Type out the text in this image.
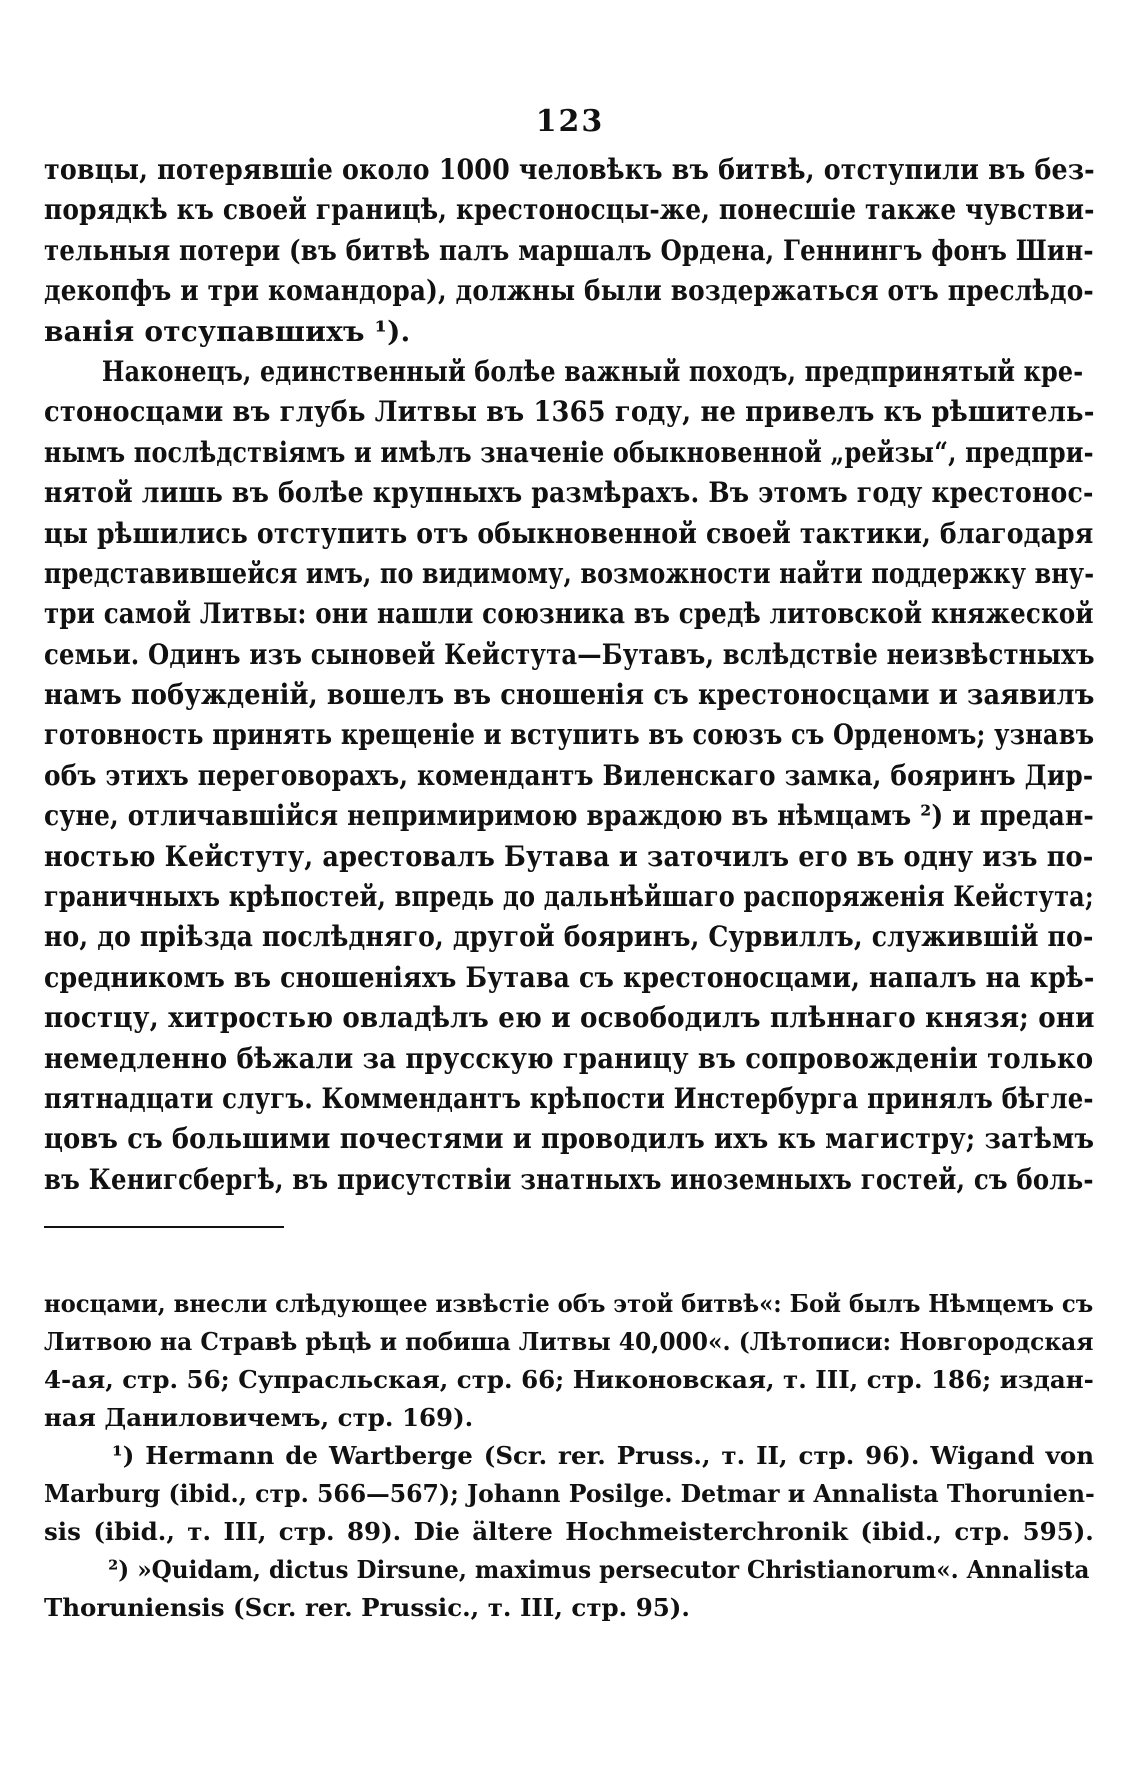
123
товцы, потерявшіе около 1000 человѣкъ въ битвѣ, отступили въ без-
порядкѣ къ своей границѣ, крестоносцы-же, понесшіе также чувстви-
тельныя потери (въ битвѣ палъ маршалъ Ордена, Геннингъ фонъ Шин-
декопфъ и три командора), должны были воздержаться отъ преслѣдо-
ванія отсупавшихъ ¹).
Наконецъ, единственный болѣе важный походъ, предпринятый кре-
стоносцами въ глубь Литвы въ 1365 году, не привелъ къ рѣшитель-
нымъ послѣдствіямъ и имѣлъ значеніе обыкновенной „рейзы“, предпри-
нятой лишь въ болѣе крупныхъ размѣрахъ. Въ этомъ году крестонос-
цы рѣшились отступить отъ обыкновенной своей тактики, благодаря
представившейся имъ, по видимому, возможности найти поддержку вну-
три самой Литвы: они нашли союзника въ средѣ литовской княжеской
семьи. Одинъ изъ сыновей Кейстута—Бутавъ, вслѣдствіе неизвѣстныхъ
намъ побужденій, вошелъ въ сношенія съ крестоносцами и заявилъ
готовность принять крещеніе и вступить въ союзъ съ Орденомъ; узнавъ
объ этихъ переговорахъ, комендантъ Виленскаго замка, бояринъ Дир-
суне, отличавшійся непримиримою враждою въ нѣмцамъ ²) и предан-
ностью Кейстуту, арестовалъ Бутава и заточилъ его въ одну изъ по-
граничныхъ крѣпостей, впредь до дальнѣйшаго распоряженія Кейстута;
но, до пріѣзда послѣдняго, другой бояринъ, Сурвиллъ, служившій по-
средникомъ въ сношеніяхъ Бутава съ крестоносцами, напалъ на крѣ-
постцу, хитростью овладѣлъ ею и освободилъ плѣннаго князя; они
немедленно бѣжали за прусскую границу въ сопровожденіи только
пятнадцати слугъ. Коммендантъ крѣпости Инстербурга принялъ бѣгле-
цовъ съ большими почестями и проводилъ ихъ къ магистру; затѣмъ
въ Кенигсбергѣ, въ присутствіи знатныхъ иноземныхъ гостей, съ боль-
носцами, внесли слѣдующее извѣстіе объ этой битвѣ«: Бой былъ Нѣмцемъ съ
Литвою на Стравѣ рѣцѣ и побиша Литвы 40,000«. (Лѣтописи: Новгородская
4-ая, стр. 56; Супрасльская, стр. 66; Никоновская, т. III, стр. 186; издан-
ная Даниловичемъ, стр. 169).
¹) Hermann de Wartberge (Scr. rer. Pruss., т. II, стр. 96). Wigand von
Marburg (ibid., стр. 566—567); Johann Posilge. Detmar и Annalista Thorunien-
sis (ibid., т. III, стр. 89). Die ältere Hochmeisterchronik (ibid., стр. 595).
²) »Quidam, dictus Dirsune, maximus persecutor Christianorum«. Annalista
Thoruniensis (Scr. rer. Prussic., т. III, стр. 95).
